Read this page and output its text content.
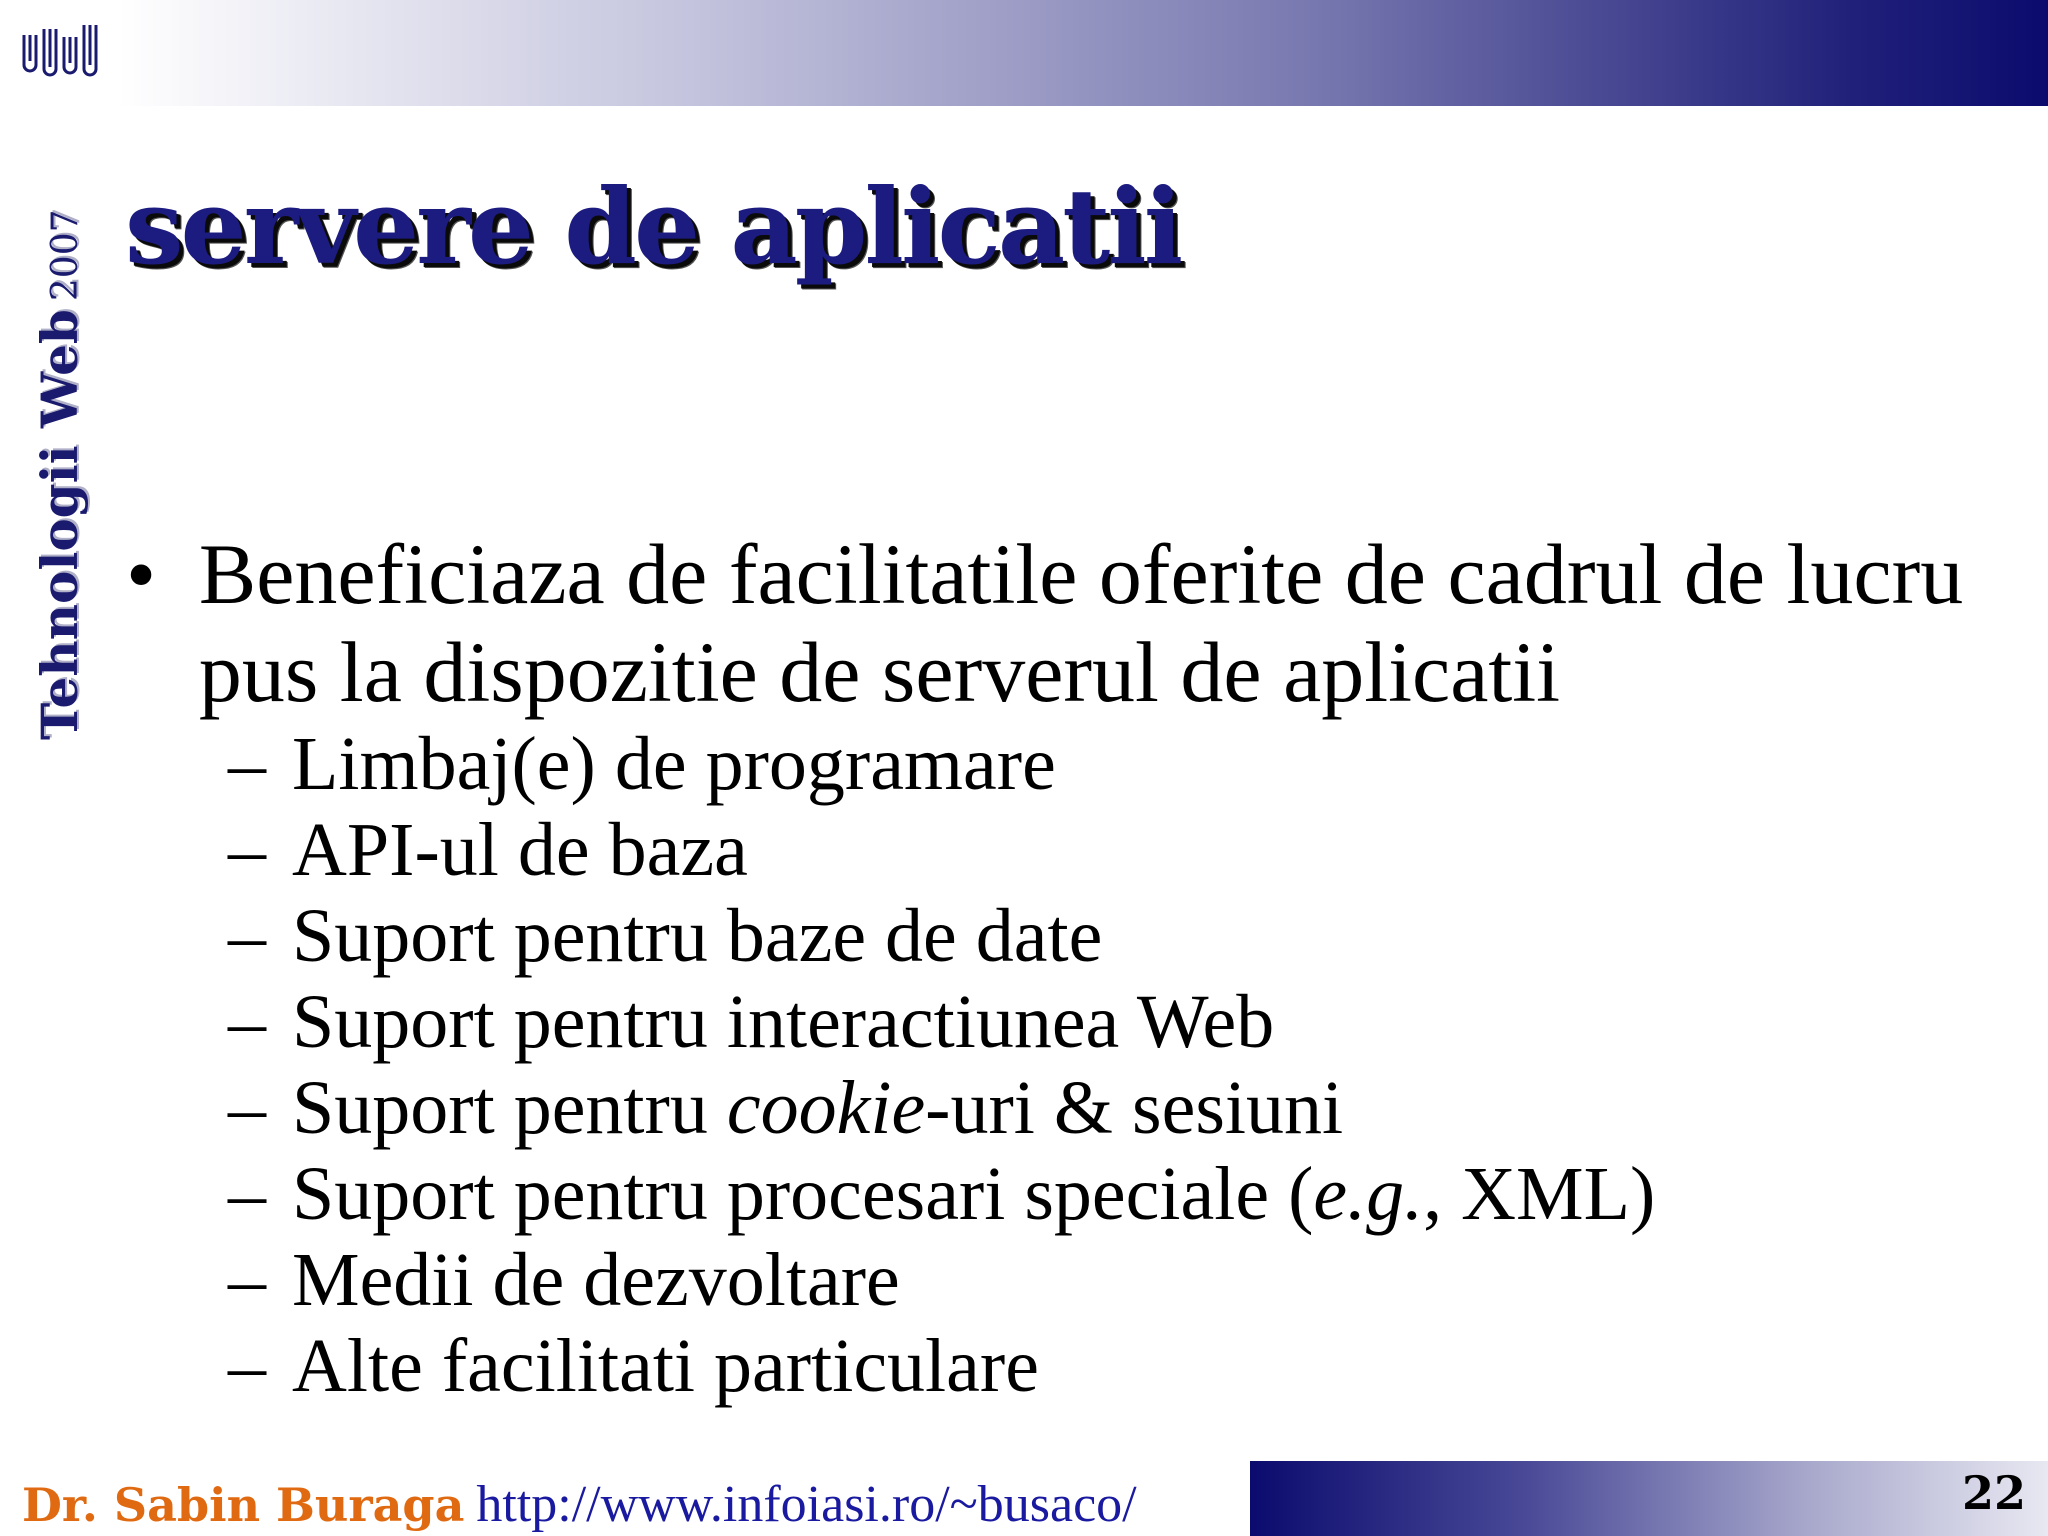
Tehnologii Web2007 servere de aplicatii
• Beneficiaza de facilitatile oferite de cadrul de lucru pus la dispozitie de serverul de aplicatii
– Limbaj(e) de programare
– API-ul de baza
– Suport pentru baze de date
– Suport pentru interactiunea Web
– Suport pentru cookie-uri & sesiuni
– Suport pentru procesari speciale (e.g., XML)
– Medii de dezvoltare
– Alte facilitati particulare
Dr. Sabin Buraga http://www.infoiasi.ro/~busaco/	22
